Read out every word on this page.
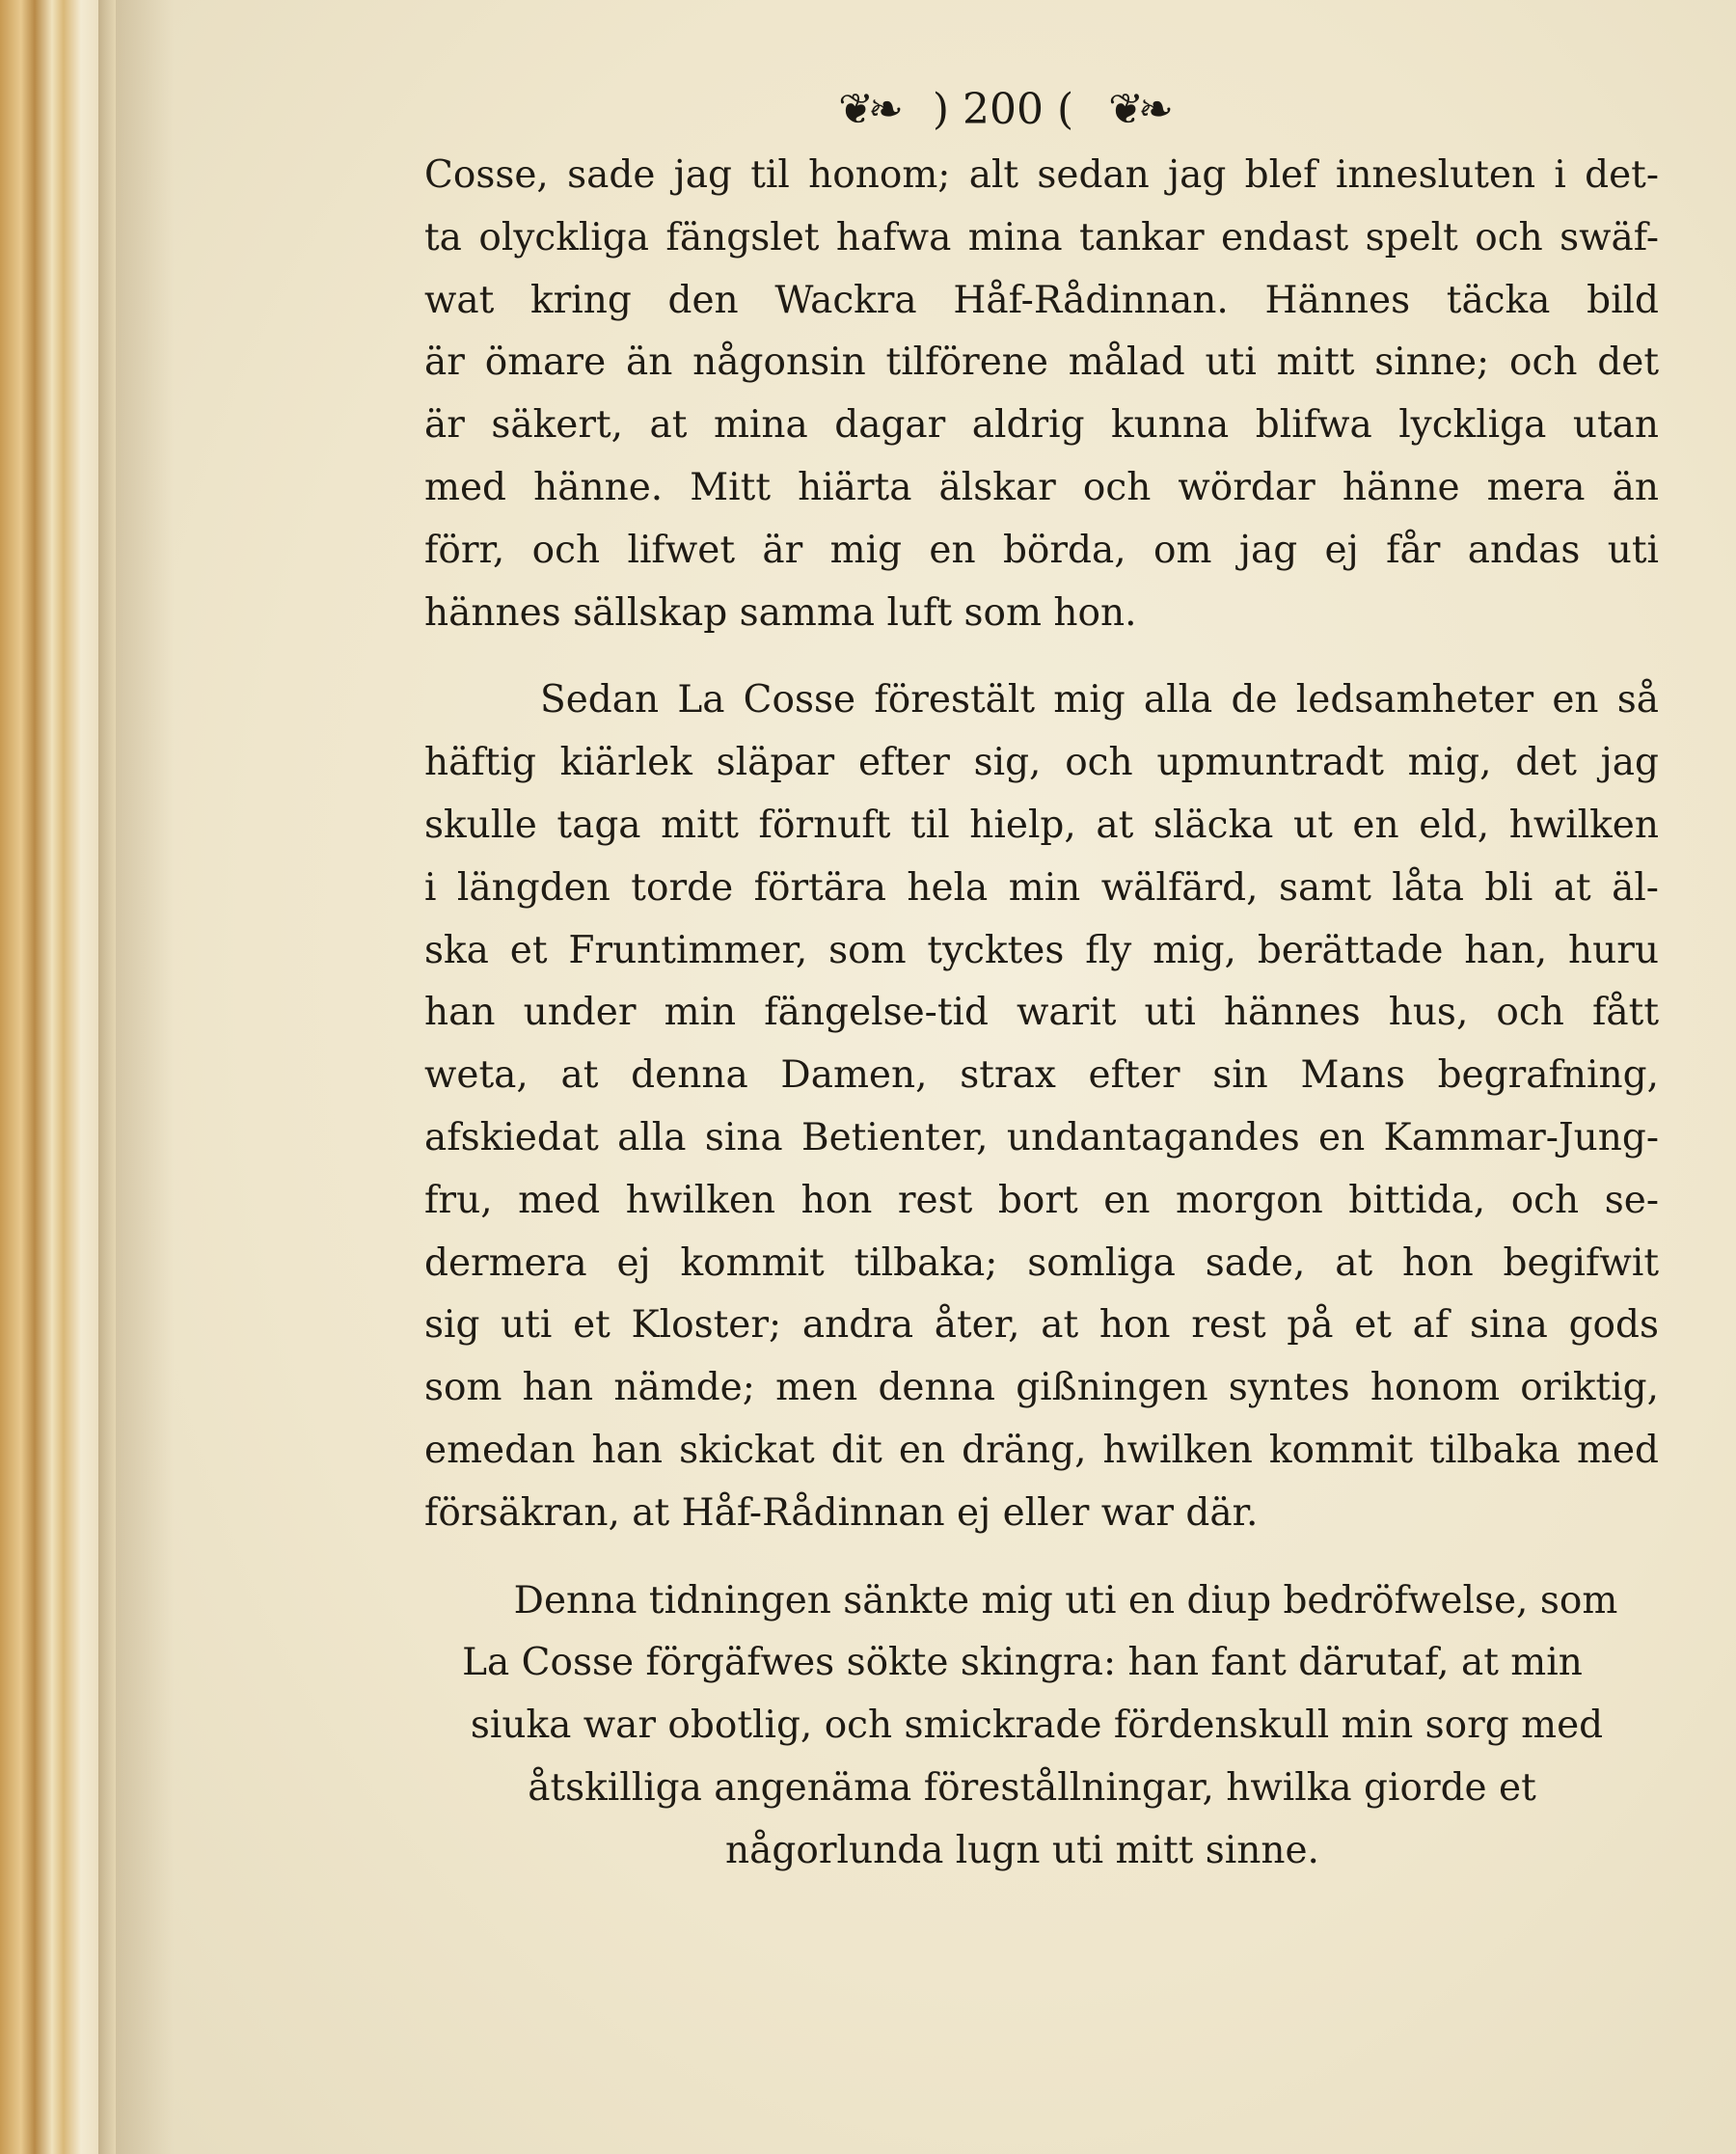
❦❧ ) 200 ( ❦❧
Cosse, sade jag til honom; alt sedan jag blef innesluten i det-
ta olyckliga fängslet hafwa mina tankar endast spelt och swäf-
wat kring den Wackra Håf-Rådinnan. Hännes täcka bild
är ömare än någonsin tilförene målad uti mitt sinne; och det
är säkert, at mina dagar aldrig kunna blifwa lyckliga utan
med hänne. Mitt hiärta älskar och wördar hänne mera än
förr, och lifwet är mig en börda, om jag ej får andas uti
hännes sällskap samma luft som hon.
Sedan La Cosse förestält mig alla de ledsamheter en så
häftig kiärlek släpar efter sig, och upmuntradt mig, det jag
skulle taga mitt förnuft til hielp, at släcka ut en eld, hwilken
i längden torde förtära hela min wälfärd, samt låta bli at äl-
ska et Fruntimmer, som tycktes fly mig, berättade han, huru
han under min fängelse-tid warit uti hännes hus, och fått
weta, at denna Damen, strax efter sin Mans begrafning,
afskiedat alla sina Betienter, undantagandes en Kammar-Jung-
fru, med hwilken hon rest bort en morgon bittida, och se-
dermera ej kommit tilbaka; somliga sade, at hon begifwit
sig uti et Kloster; andra åter, at hon rest på et af sina gods
som han nämde; men denna gißningen syntes honom oriktig,
emedan han skickat dit en dräng, hwilken kommit tilbaka med
försäkran, at Håf-Rådinnan ej eller war där.
Denna tidningen sänkte mig uti en diup bedröfwelse, som
La Cosse förgäfwes sökte skingra: han fant därutaf, at min
siuka war obotlig, och smickrade fördenskull min sorg med
åtskilliga angenäma förestållningar, hwilka giorde et
någorlunda lugn uti mitt sinne.
